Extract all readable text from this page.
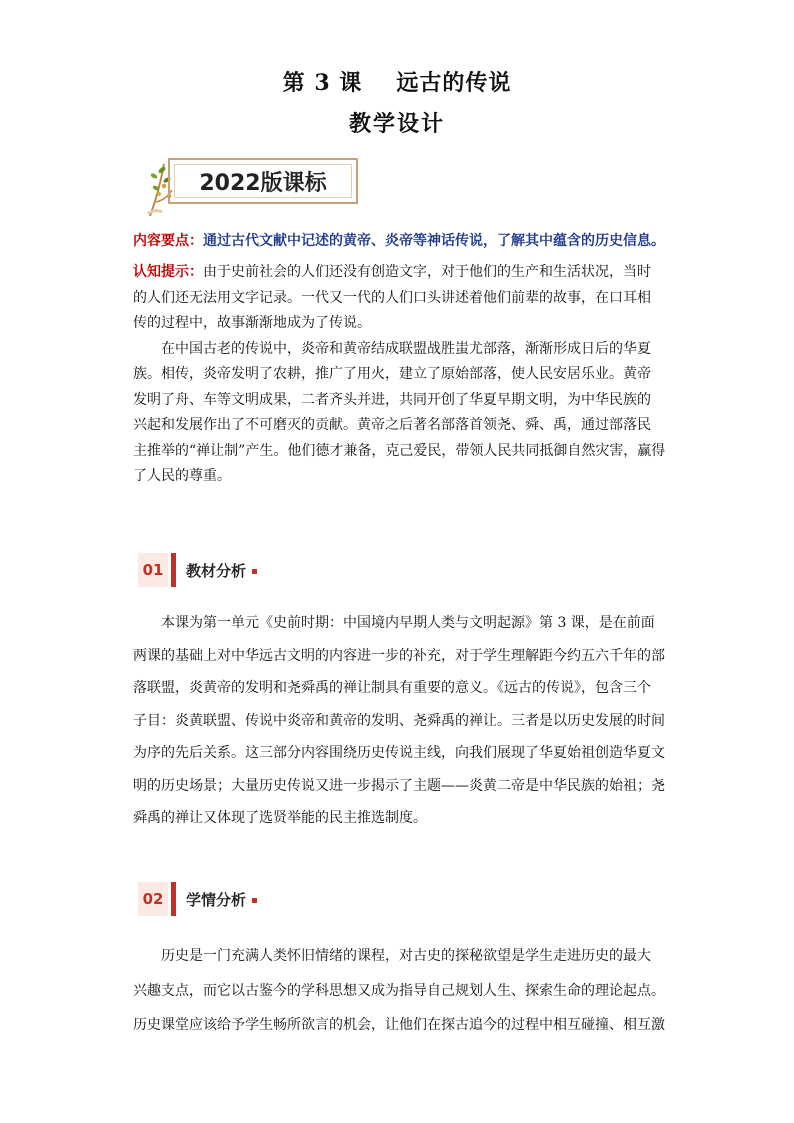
第 3 课 远古的传说
教学设计
2022版课标

内容要点：通过古代文献中记述的黄帝、炎帝等神话传说，了解其中蕴含的历史信息。

认知提示：由于史前社会的人们还没有创造文字，对于他们的生产和生活状况，当时
的人们还无法用文字记录。一代又一代的人们口头讲述着他们前辈的故事，在口耳相
传的过程中，故事渐渐地成为了传说。
　　在中国古老的传说中，炎帝和黄帝结成联盟战胜蚩尤部落，渐渐形成日后的华夏
族。相传，炎帝发明了农耕，推广了用火，建立了原始部落，使人民安居乐业。黄帝
发明了舟、车等文明成果，二者齐头并进，共同开创了华夏早期文明，为中华民族的
兴起和发展作出了不可磨灭的贡献。黄帝之后著名部落首领尧、舜、禹，通过部落民
主推举的“禅让制”产生。他们德才兼备，克己爱民，带领人民共同抵御自然灾害，赢得
了人民的尊重。

01	教材分析

　　本课为第一单元《史前时期：中国境内早期人类与文明起源》第 3 课，是在前面
两课的基础上对中华远古文明的内容进一步的补充，对于学生理解距今约五六千年的部
落联盟，炎黄帝的发明和尧舜禹的禅让制具有重要的意义。《远古的传说》，包含三个
子目：炎黄联盟、传说中炎帝和黄帝的发明、尧舜禹的禅让。三者是以历史发展的时间
为序的先后关系。这三部分内容围绕历史传说主线，向我们展现了华夏始祖创造华夏文
明的历史场景；大量历史传说又进一步揭示了主题——炎黄二帝是中华民族的始祖；尧
舜禹的禅让又体现了选贤举能的民主推选制度。

02	学情分析

　　历史是一门充满人类怀旧情绪的课程，对古史的探秘欲望是学生走进历史的最大
兴趣支点，而它以古鉴今的学科思想又成为指导自己规划人生、探索生命的理论起点。
历史课堂应该给予学生畅所欲言的机会，让他们在探古追今的过程中相互碰撞、相互激
